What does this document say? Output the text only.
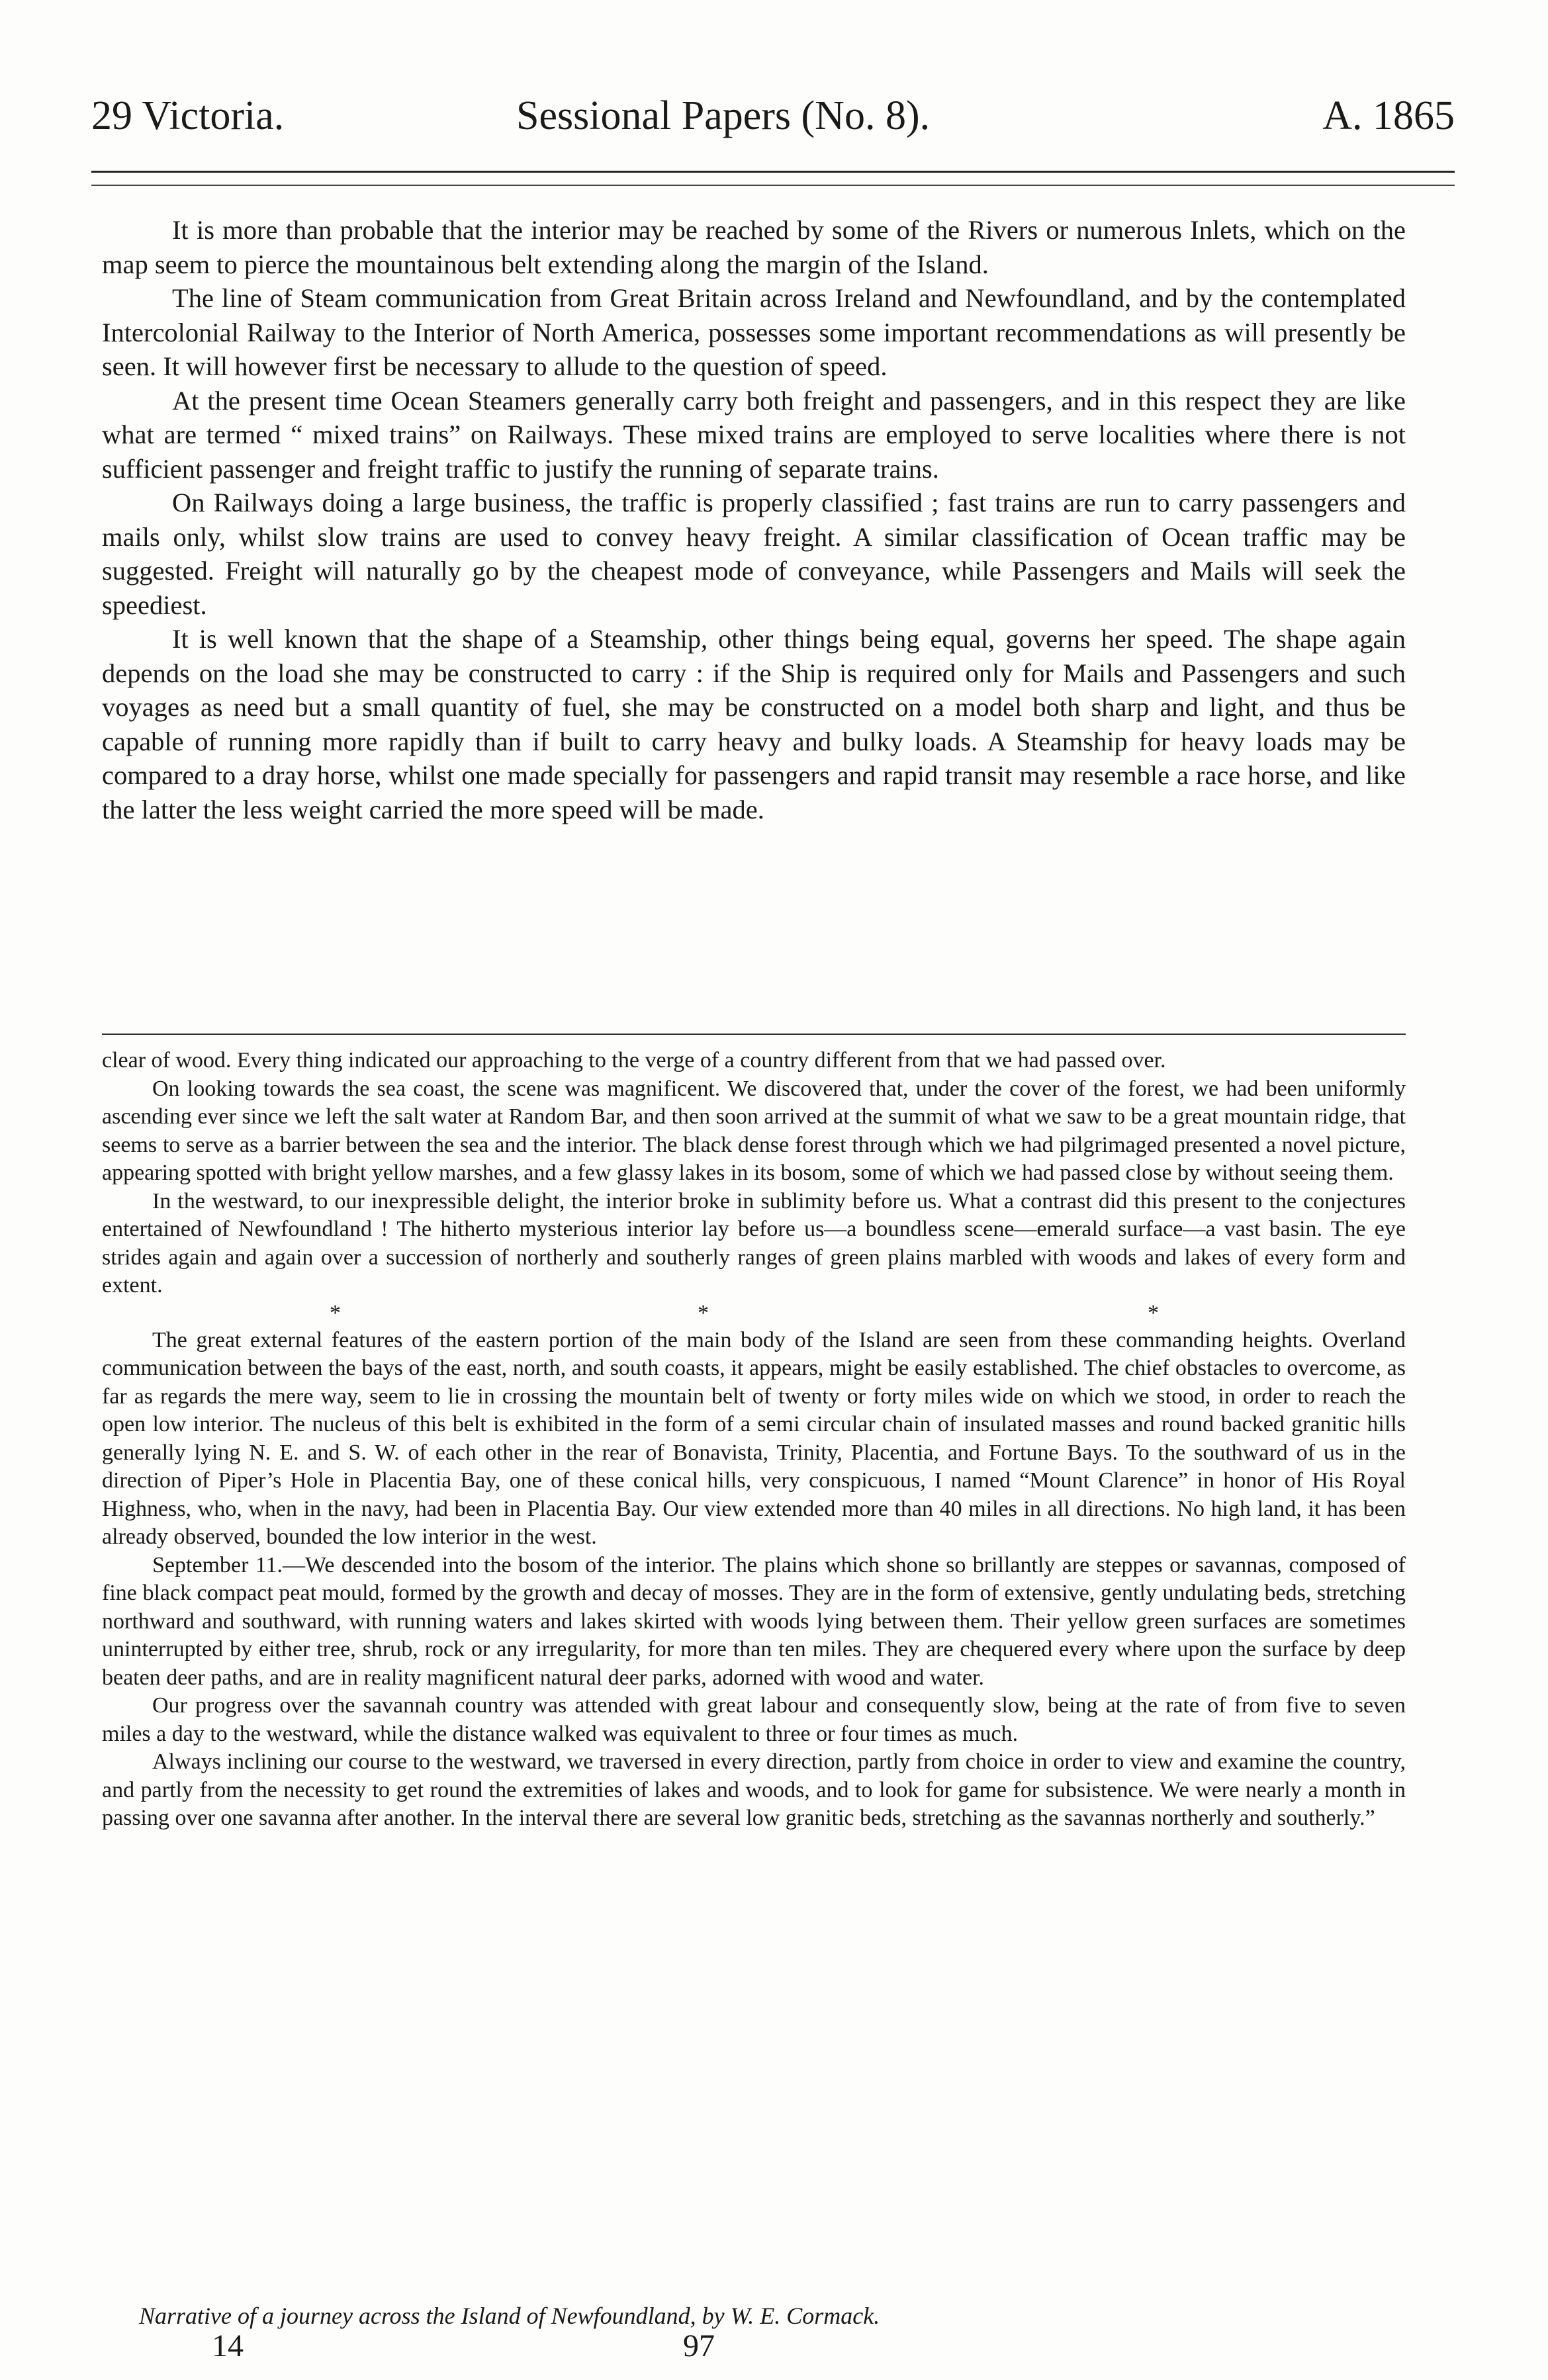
29 Victoria.	Sessional Papers (No. 8).	A. 1865

It is more than probable that the interior may be reached by some of the Rivers or numerous Inlets, which on the map seem to pierce the mountainous belt extending along the margin of the Island.

The line of Steam communication from Great Britain across Ireland and Newfoundland, and by the contemplated Intercolonial Railway to the Interior of North America, possesses some important recommendations as will presently be seen. It will however first be necessary to allude to the question of speed.

At the present time Ocean Steamers generally carry both freight and passengers, and in this respect they are like what are termed “ mixed trains” on Railways. These mixed trains are employed to serve localities where there is not sufficient passenger and freight traffic to justify the running of separate trains.

On Railways doing a large business, the traffic is properly classified ; fast trains are run to carry passengers and mails only, whilst slow trains are used to convey heavy freight. A similar classification of Ocean traffic may be suggested. Freight will naturally go by the cheapest mode of conveyance, while Passengers and Mails will seek the speediest.

It is well known that the shape of a Steamship, other things being equal, governs her speed. The shape again depends on the load she may be constructed to carry : if the Ship is required only for Mails and Passengers and such voyages as need but a small quantity of fuel, she may be constructed on a model both sharp and light, and thus be capable of running more rapidly than if built to carry heavy and bulky loads. A Steamship for heavy loads may be compared to a dray horse, whilst one made specially for passengers and rapid transit may resemble a race horse, and like the latter the less weight carried the more speed will be made.

clear of wood. Every thing indicated our approaching to the verge of a country different from that we had passed over.

On looking towards the sea coast, the scene was magnificent. We discovered that, under the cover of the forest, we had been uniformly ascending ever since we left the salt water at Random Bar, and then soon arrived at the summit of what we saw to be a great mountain ridge, that seems to serve as a barrier between the sea and the interior. The black dense forest through which we had pilgrimaged presented a novel picture, appearing spotted with bright yellow marshes, and a few glassy lakes in its bosom, some of which we had passed close by without seeing them.

In the westward, to our inexpressible delight, the interior broke in sublimity before us. What a contrast did this present to the conjectures entertained of Newfoundland ! The hitherto mysterious interior lay before us—a boundless scene—emerald surface—a vast basin. The eye strides again and again over a succession of northerly and southerly ranges of green plains marbled with woods and lakes of every form and extent.

*	*	*

The great external features of the eastern portion of the main body of the Island are seen from these commanding heights. Overland communication between the bays of the east, north, and south coasts, it appears, might be easily established. The chief obstacles to overcome, as far as regards the mere way, seem to lie in crossing the mountain belt of twenty or forty miles wide on which we stood, in order to reach the open low interior. The nucleus of this belt is exhibited in the form of a semi circular chain of insulated masses and round backed granitic hills generally lying N. E. and S. W. of each other in the rear of Bonavista, Trinity, Placentia, and Fortune Bays. To the southward of us in the direction of Piper’s Hole in Placentia Bay, one of these conical hills, very conspicuous, I named “Mount Clarence” in honor of His Royal Highness, who, when in the navy, had been in Placentia Bay. Our view extended more than 40 miles in all directions. No high land, it has been already observed, bounded the low interior in the west.

September 11.—We descended into the bosom of the interior. The plains which shone so brillantly are steppes or savannas, composed of fine black compact peat mould, formed by the growth and decay of mosses. They are in the form of extensive, gently undulating beds, stretching northward and southward, with running waters and lakes skirted with woods lying between them. Their yellow green surfaces are sometimes uninterrupted by either tree, shrub, rock or any irregularity, for more than ten miles. They are chequered every where upon the surface by deep beaten deer paths, and are in reality magnificent natural deer parks, adorned with wood and water.

Our progress over the savannah country was attended with great labour and consequently slow, being at the rate of from five to seven miles a day to the westward, while the distance walked was equivalent to three or four times as much.

Always inclining our course to the westward, we traversed in every direction, partly from choice in order to view and examine the country, and partly from the necessity to get round the extremities of lakes and woods, and to look for game for subsistence. We were nearly a month in passing over one savanna after another. In the interval there are several low granitic beds, stretching as the savannas northerly and southerly.”

Narrative of a journey across the Island of Newfoundland, by W. E. Cormack.
14	97
